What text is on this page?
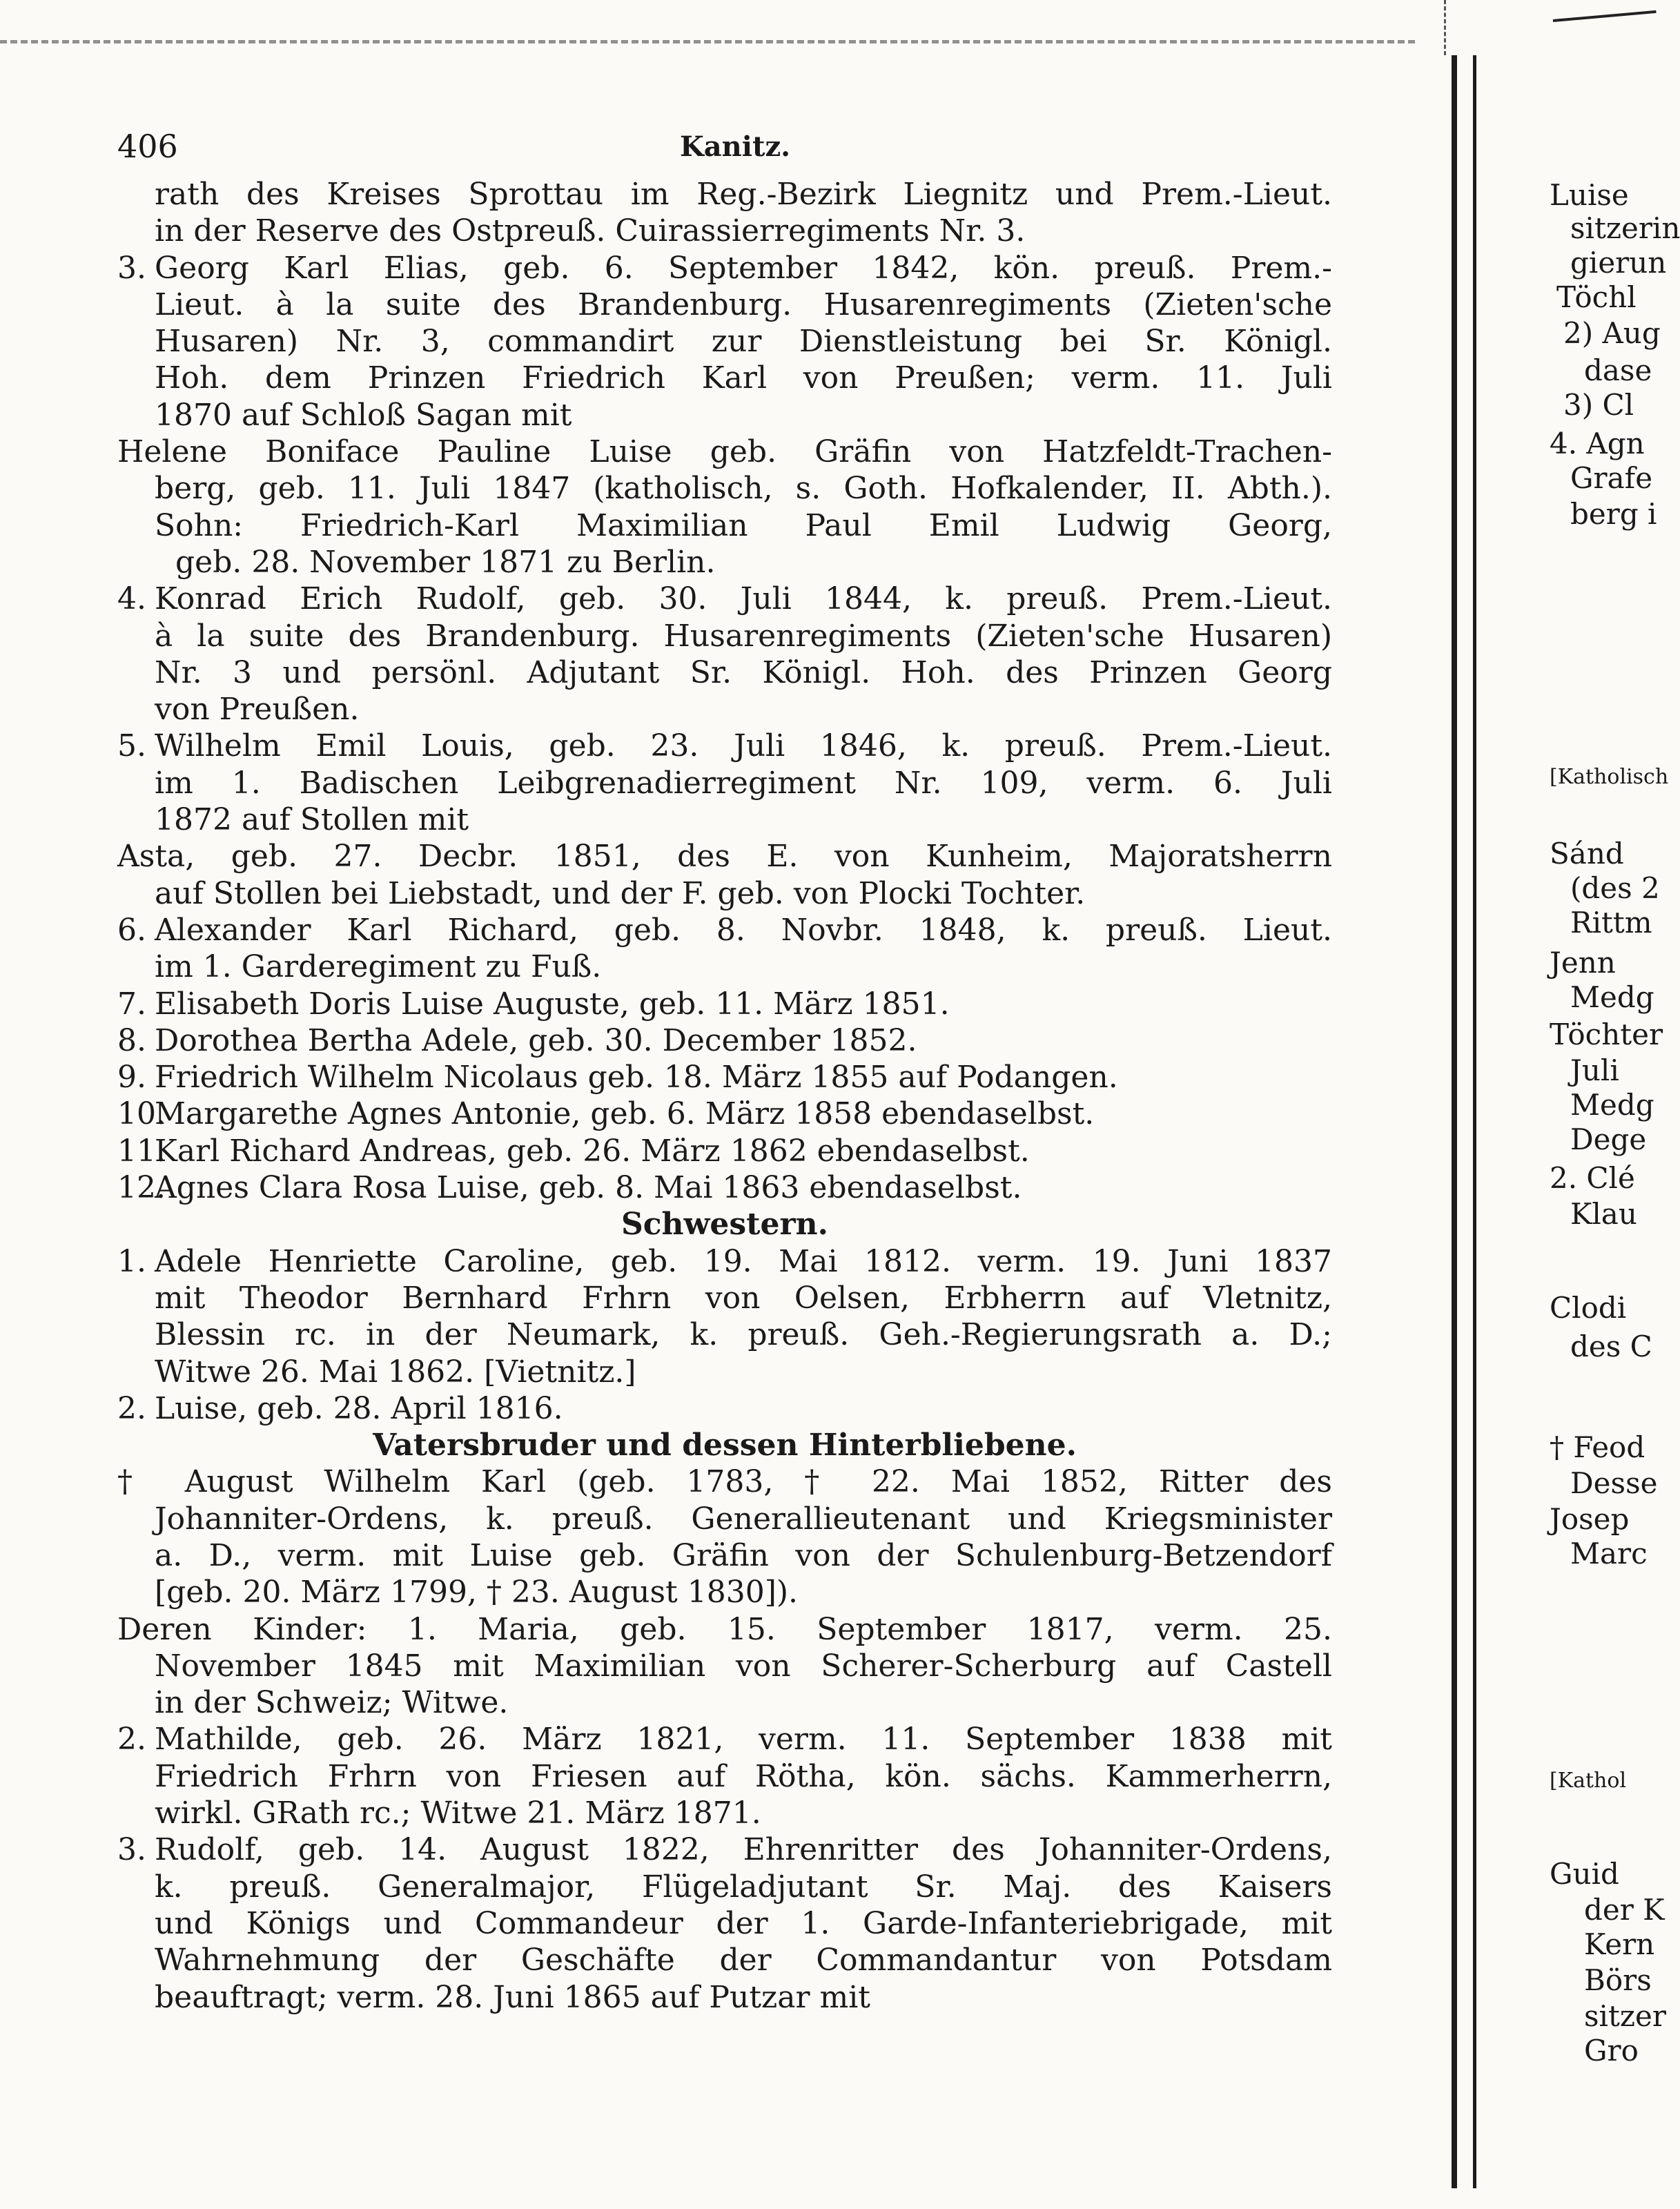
406	Kanitz.
rath des Kreises Sprottau im Reg.-Bezirk Liegnitz und Prem.-Lieut.
in der Reserve des Ostpreuß. Cuirassierregiments Nr. 3.
3. Georg Karl Elias, geb. 6. September 1842, kön. preuß. Prem.-
Lieut. à la suite des Brandenburg. Husarenregiments (Zieten'sche
Husaren) Nr. 3, commandirt zur Dienstleistung bei Sr. Königl.
Hoh. dem Prinzen Friedrich Karl von Preußen; verm. 11. Juli
1870 auf Schloß Sagan mit
Helene Boniface Pauline Luise geb. Gräfin von Hatzfeldt-Trachen-
berg, geb. 11. Juli 1847 (katholisch, s. Goth. Hofkalender, II. Abth.).
Sohn: Friedrich-Karl Maximilian Paul Emil Ludwig Georg,
geb. 28. November 1871 zu Berlin.
4. Konrad Erich Rudolf, geb. 30. Juli 1844, k. preuß. Prem.-Lieut.
à la suite des Brandenburg. Husarenregiments (Zieten'sche Husaren)
Nr. 3 und persönl. Adjutant Sr. Königl. Hoh. des Prinzen Georg
von Preußen.
5. Wilhelm Emil Louis, geb. 23. Juli 1846, k. preuß. Prem.-Lieut.
im 1. Badischen Leibgrenadierregiment Nr. 109, verm. 6. Juli
1872 auf Stollen mit
Asta, geb. 27. Decbr. 1851, des E. von Kunheim, Majoratsherrn
auf Stollen bei Liebstadt, und der F. geb. von Plocki Tochter.
6. Alexander Karl Richard, geb. 8. Novbr. 1848, k. preuß. Lieut.
im 1. Garderegiment zu Fuß.
7. Elisabeth Doris Luise Auguste, geb. 11. März 1851.
8. Dorothea Bertha Adele, geb. 30. December 1852.
9. Friedrich Wilhelm Nicolaus geb. 18. März 1855 auf Podangen.
10.Margarethe Agnes Antonie, geb. 6. März 1858 ebendaselbst.
11.Karl Richard Andreas, geb. 26. März 1862 ebendaselbst.
12.Agnes Clara Rosa Luise, geb. 8. Mai 1863 ebendaselbst.
Schwestern.
1. Adele Henriette Caroline, geb. 19. Mai 1812. verm. 19. Juni 1837
mit Theodor Bernhard Frhrn von Oelsen, Erbherrn auf Vletnitz,
Blessin rc. in der Neumark, k. preuß. Geh.-Regierungsrath a. D.;
Witwe 26. Mai 1862. [Vietnitz.]
2. Luise, geb. 28. April 1816.
Vatersbruder und dessen Hinterbliebene.
† August Wilhelm Karl (geb. 1783, † 22. Mai 1852, Ritter des
Johanniter-Ordens, k. preuß. Generallieutenant und Kriegsminister
a. D., verm. mit Luise geb. Gräfin von der Schulenburg-Betzendorf
[geb. 20. März 1799, † 23. August 1830]).
Deren Kinder: 1. Maria, geb. 15. September 1817, verm. 25.
November 1845 mit Maximilian von Scherer-Scherburg auf Castell
in der Schweiz; Witwe.
2. Mathilde, geb. 26. März 1821, verm. 11. September 1838 mit
Friedrich Frhrn von Friesen auf Rötha, kön. sächs. Kammerherrn,
wirkl. GRath rc.; Witwe 21. März 1871.
3. Rudolf, geb. 14. August 1822, Ehrenritter des Johanniter-Ordens,
k. preuß. Generalmajor, Flügeladjutant Sr. Maj. des Kaisers
und Königs und Commandeur der 1. Garde-Infanteriebrigade, mit
Wahrnehmung der Geschäfte der Commandantur von Potsdam
beauftragt; verm. 28. Juni 1865 auf Putzar mit
Luise
sitzerin
gierun
Töchl
2) Aug
dase
3) Cl
4. Agn
Grafe
berg i
[Katholisch
Sánd
(des 2
Rittm
Jenn
Medg
Töchter
Juli
Medg
Dege
2. Clé
Klau
Clodi
des C
† Feod
Desse
Josep
Marc
[Kathol
Guid
der K
Kern
Börs
sitzer
Gro
